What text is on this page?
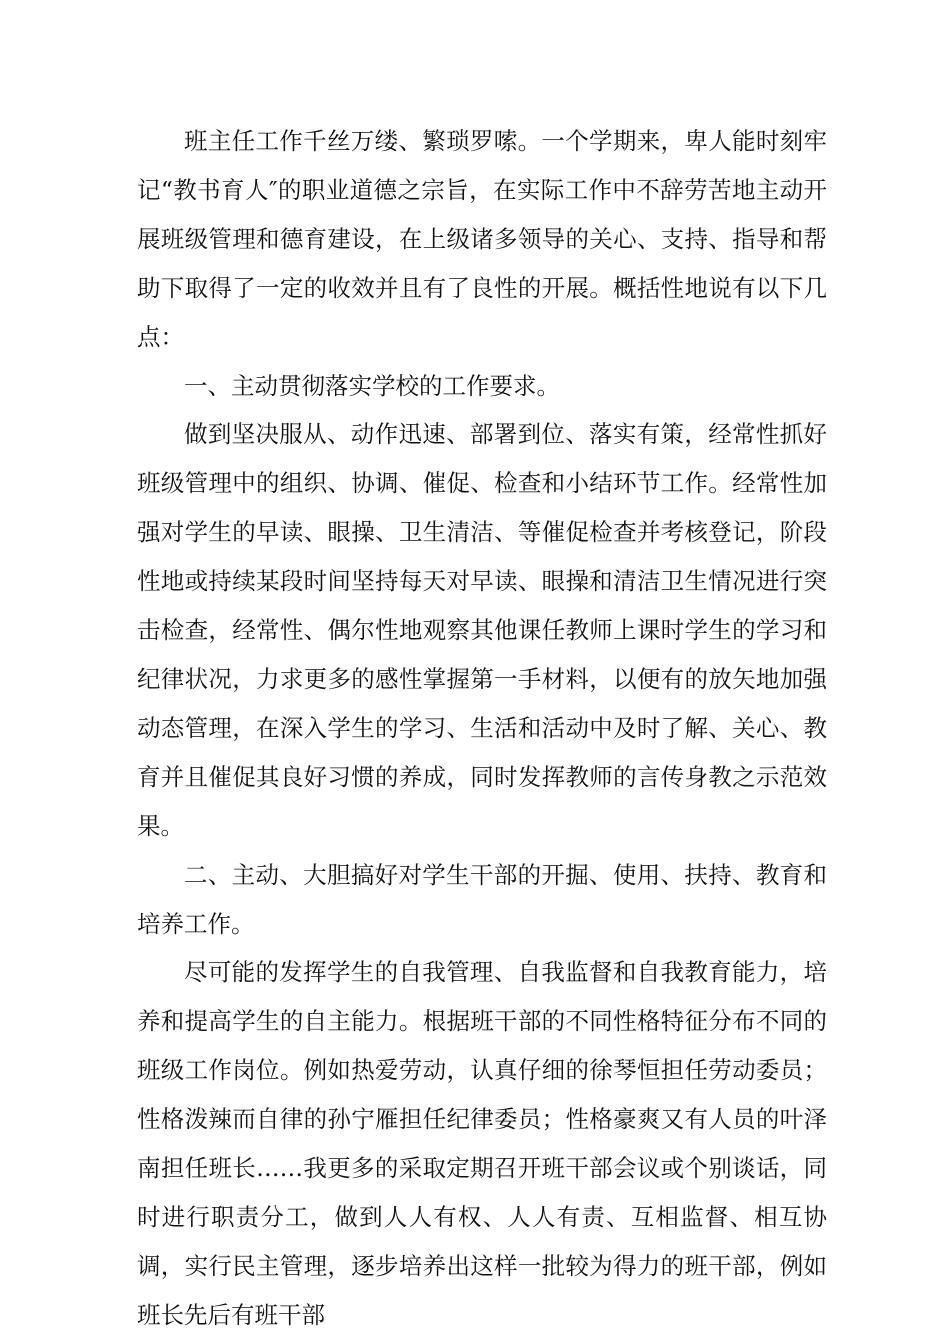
班主任工作千丝万缕、繁琐罗嗦。一个学期来，卑人能时刻牢记“教书育人″的职业道德之宗旨，在实际工作中不辞劳苦地主动开展班级管理和德育建设，在上级诸多领导的关心、支持、指导和帮助下取得了一定的收效并且有了良性的开展。概括性地说有以下几点：

一、主动贯彻落实学校的工作要求。

做到坚决服从、动作迅速、部署到位、落实有策，经常性抓好班级管理中的组织、协调、催促、检查和小结环节工作。经常性加强对学生的早读、眼操、卫生清洁、等催促检查并考核登记，阶段性地或持续某段时间坚持每天对早读、眼操和清洁卫生情况进行突击检查，经常性、偶尔性地观察其他课任教师上课时学生的学习和纪律状况，力求更多的感性掌握第一手材料，以便有的放矢地加强动态管理，在深入学生的学习、生活和活动中及时了解、关心、教育并且催促其良好习惯的养成，同时发挥教师的言传身教之示范效果。

二、主动、大胆搞好对学生干部的开掘、使用、扶持、教育和培养工作。

尽可能的发挥学生的自我管理、自我监督和自我教育能力，培养和提高学生的自主能力。根据班干部的不同性格特征分布不同的班级工作岗位。例如热爱劳动，认真仔细的徐琴恒担任劳动委员；性格泼辣而自律的孙宁雁担任纪律委员；性格豪爽又有人员的叶泽南担任班长……我更多的采取定期召开班干部会议或个别谈话，同时进行职责分工，做到人人有权、人人有责、互相监督、相互协调，实行民主管理，逐步培养出这样一批较为得力的班干部，例如班长先后有班干部
